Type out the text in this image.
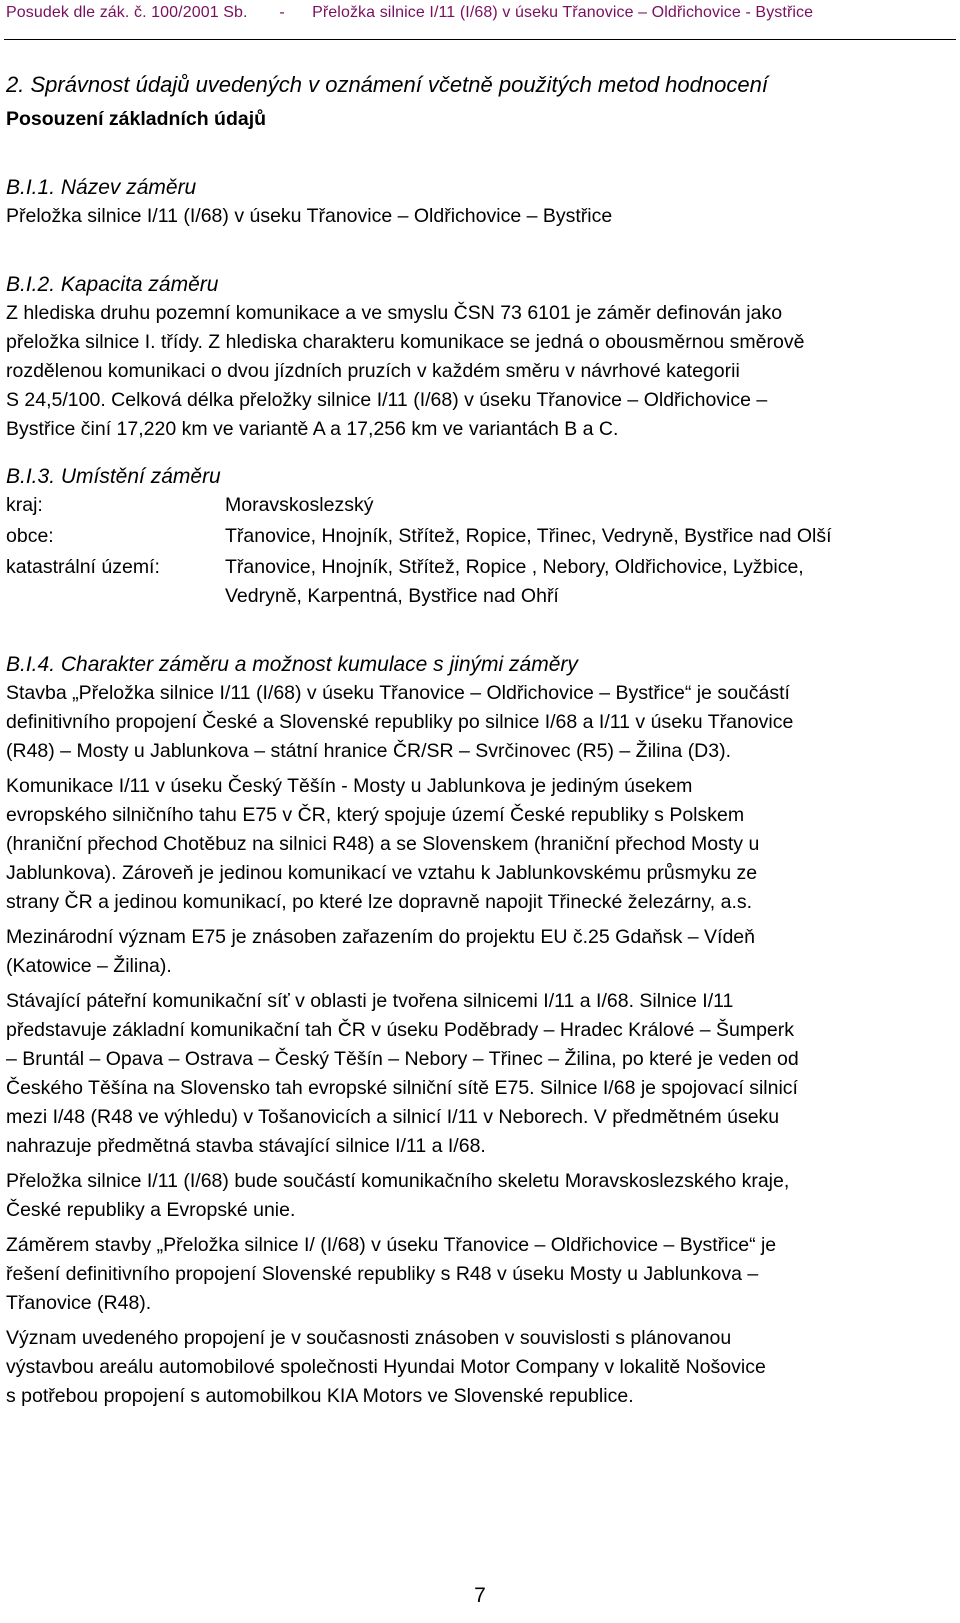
Posudek dle zák. č. 100/2001 Sb.       -      Přeložka silnice I/11 (I/68) v úseku Třanovice – Oldřichovice - Bystřice

2. Správnost údajů uvedených v oznámení včetně použitých metod hodnocení

Posouzení základních údajů

B.I.1. Název záměru

Přeložka silnice I/11 (I/68) v úseku Třanovice – Oldřichovice – Bystřice

B.I.2. Kapacita záměru

Z hlediska druhu pozemní komunikace a ve smyslu ČSN 73 6101 je záměr definován jako

přeložka silnice I. třídy. Z hlediska charakteru komunikace se jedná o obousměrnou směrově

rozdělenou komunikaci o dvou jízdních pruzích v každém směru v návrhové kategorii

S 24,5/100. Celková délka přeložky silnice I/11 (I/68) v úseku Třanovice – Oldřichovice –

Bystřice činí 17,220 km ve variantě A a 17,256 km ve variantách B a C.

B.I.3. Umístění záměru

kraj:	Moravskoslezský
obce:	Třanovice, Hnojník, Střítež, Ropice, Třinec, Vedryně, Bystřice nad Olší
katastrální území:	Třanovice, Hnojník, Střítež, Ropice , Nebory, Oldřichovice, Lyžbice,
Vedryně, Karpentná, Bystřice nad Ohří

B.I.4. Charakter záměru a možnost kumulace s jinými záměry

Stavba „Přeložka silnice I/11 (I/68) v úseku Třanovice – Oldřichovice – Bystřice“ je součástí

definitivního propojení České a Slovenské republiky po silnice I/68 a I/11 v úseku Třanovice

(R48) – Mosty u Jablunkova – státní hranice ČR/SR – Svrčinovec (R5) – Žilina (D3).

Komunikace I/11 v úseku Český Těšín - Mosty u Jablunkova je jediným úsekem

evropského silničního tahu E75 v ČR, který spojuje území České republiky s Polskem

(hraniční přechod Chotěbuz na silnici R48) a se Slovenskem (hraniční přechod Mosty u

Jablunkova). Zároveň je jedinou komunikací ve vztahu k Jablunkovskému průsmyku ze

strany ČR a jedinou komunikací, po které lze dopravně napojit Třinecké železárny, a.s.

Mezinárodní význam E75 je znásoben zařazením do projektu EU č.25 Gdaňsk – Vídeň

(Katowice – Žilina).

Stávající páteřní komunikační síť v oblasti je tvořena silnicemi I/11 a I/68. Silnice I/11

představuje základní komunikační tah ČR v úseku Poděbrady – Hradec Králové – Šumperk

– Bruntál – Opava – Ostrava – Český Těšín – Nebory – Třinec – Žilina, po které je veden od

Českého Těšína na Slovensko tah evropské silniční sítě E75. Silnice I/68 je spojovací silnicí

mezi I/48 (R48 ve výhledu) v Tošanovicích a silnicí I/11 v Neborech. V předmětném úseku

nahrazuje předmětná stavba stávající silnice I/11 a I/68.

Přeložka silnice I/11 (I/68) bude součástí komunikačního skeletu Moravskoslezského kraje,

České republiky a Evropské unie.

Záměrem stavby „Přeložka silnice I/ (I/68) v úseku Třanovice – Oldřichovice – Bystřice“ je

řešení definitivního propojení Slovenské republiky s R48 v úseku Mosty u Jablunkova –

Třanovice (R48).

Význam uvedeného propojení je v současnosti znásoben v souvislosti s plánovanou

výstavbou areálu automobilové společnosti Hyundai Motor Company v lokalitě Nošovice

s potřebou propojení s automobilkou KIA Motors ve Slovenské republice.

7
